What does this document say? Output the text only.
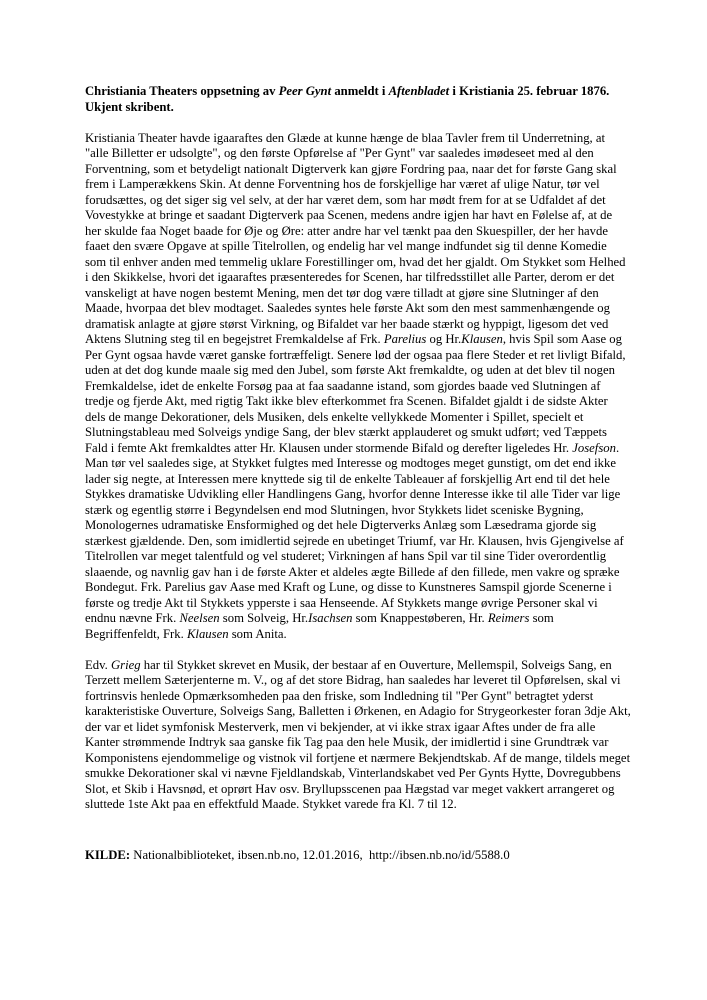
Christiania Theaters oppsetning av Peer Gynt anmeldt i Aftenbladet i Kristiania 25. februar 1876. Ukjent skribent.

Kristiania Theater havde igaaraftes den Glæde at kunne hænge de blaa Tavler frem til Underretning, at "alle Billetter er udsolgte", og den første Opførelse af "Per Gynt" var saaledes imødeseet med al den Forventning, som et betydeligt nationalt Digterverk kan gjøre Fordring paa, naar det for første Gang skal frem i Lamperækkens Skin. At denne Forventning hos de forskjellige har været af ulige Natur, tør vel forudsættes, og det siger sig vel selv, at der har været dem, som har mødt frem for at se Udfaldet af det Vovestykke at bringe et saadant Digterverk paa Scenen, medens andre igjen har havt en Følelse af, at de her skulde faa Noget baade for Øje og Øre: atter andre har vel tænkt paa den Skuespiller, der her havde faaet den svære Opgave at spille Titelrollen, og endelig har vel mange indfundet sig til denne Komedie som til enhver anden med temmelig uklare Forestillinger om, hvad det her gjaldt. Om Stykket som Helhed i den Skikkelse, hvori det igaaraftes præsenteredes for Scenen, har tilfredsstillet alle Parter, derom er det vanskeligt at have nogen bestemt Mening, men det tør dog være tilladt at gjøre sine Slutninger af den Maade, hvorpaa det blev modtaget. Saaledes syntes hele første Akt som den mest sammenhængende og dramatisk anlagte at gjøre størst Virkning, og Bifaldet var her baade stærkt og hyppigt, ligesom det ved Aktens Slutning steg til en begejstret Fremkaldelse af Frk. Parelius og Hr.Klausen, hvis Spil som Aase og Per Gynt ogsaa havde været ganske fortræffeligt. Senere lød der ogsaa paa flere Steder et ret livligt Bifald, uden at det dog kunde maale sig med den Jubel, som første Akt fremkaldte, og uden at det blev til nogen Fremkaldelse, idet de enkelte Forsøg paa at faa saadanne istand, som gjordes baade ved Slutningen af tredje og fjerde Akt, med rigtig Takt ikke blev efterkommet fra Scenen. Bifaldet gjaldt i de sidste Akter dels de mange Dekorationer, dels Musiken, dels enkelte vellykkede Momenter i Spillet, specielt et Slutningstableau med Solveigs yndige Sang, der blev stærkt applauderet og smukt udført; ved Tæppets Fald i femte Akt fremkaldtes atter Hr. Klausen under stormende Bifald og derefter ligeledes Hr. Josefson. Man tør vel saaledes sige, at Stykket fulgtes med Interesse og modtoges meget gunstigt, om det end ikke lader sig negte, at Interessen mere knyttede sig til de enkelte Tableauer af forskjellig Art end til det hele Stykkes dramatiske Udvikling eller Handlingens Gang, hvorfor denne Interesse ikke til alle Tider var lige stærk og egentlig større i Begyndelsen end mod Slutningen, hvor Stykkets lidet sceniske Bygning, Monologernes udramatiske Ensformighed og det hele Digterverks Anlæg som Læsedrama gjorde sig stærkest gjældende. Den, som imidlertid sejrede en ubetinget Triumf, var Hr. Klausen, hvis Gjengivelse af Titelrollen var meget talentfuld og vel studeret; Virkningen af hans Spil var til sine Tider overordentlig slaaende, og navnlig gav han i de første Akter et aldeles ægte Billede af den fillede, men vakre og spræke Bondegut. Frk. Parelius gav Aase med Kraft og Lune, og disse to Kunstneres Samspil gjorde Scenerne i første og tredje Akt til Stykkets ypperste i saa Henseende. Af Stykkets mange øvrige Personer skal vi endnu nævne Frk. Neelsen som Solveig, Hr.Isachsen som Knappestøberen, Hr. Reimers som Begriffenfeldt, Frk. Klausen som Anita.

Edv. Grieg har til Stykket skrevet en Musik, der bestaar af en Ouverture, Mellemspil, Solveigs Sang, en Terzett mellem Sæterjenterne m. V., og af det store Bidrag, han saaledes har leveret til Opførelsen, skal vi fortrinsvis henlede Opmærksomheden paa den friske, som Indledning til "Per Gynt" betragtet yderst karakteristiske Ouverture, Solveigs Sang, Balletten i Ørkenen, en Adagio for Strygeorkester foran 3dje Akt, der var et lidet symfonisk Mesterverk, men vi bekjender, at vi ikke strax igaar Aftes under de fra alle Kanter strømmende Indtryk saa ganske fik Tag paa den hele Musik, der imidlertid i sine Grundtræk var Komponistens ejendommelige og vistnok vil fortjene et nærmere Bekjendtskab. Af de mange, tildels meget smukke Dekorationer skal vi nævne Fjeldlandskab, Vinterlandskabet ved Per Gynts Hytte, Dovregubbens Slot, et Skib i Havsnød, et oprørt Hav osv. Bryllupsscenen paa Hægstad var meget vakkert arrangeret og sluttede 1ste Akt paa en effektfuld Maade. Stykket varede fra Kl. 7 til 12.

KILDE: Nationalbiblioteket, ibsen.nb.no, 12.01.2016,  http://ibsen.nb.no/id/5588.0
